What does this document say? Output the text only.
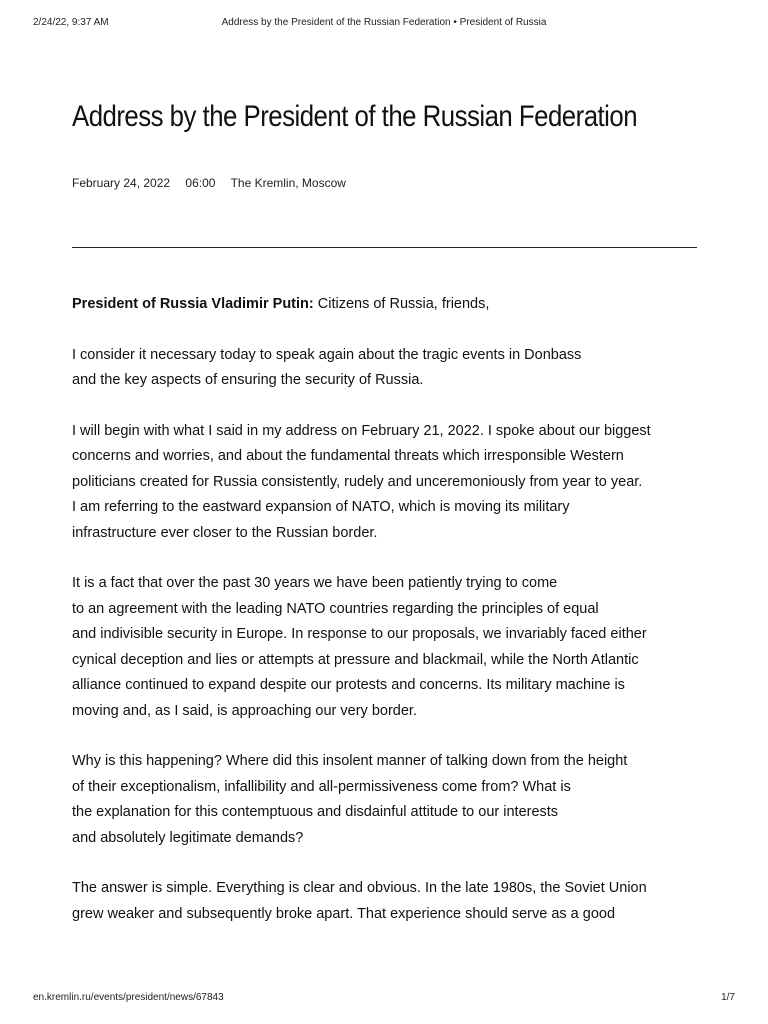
2/24/22, 9:37 AM	Address by the President of the Russian Federation • President of Russia
Address by the President of the Russian Federation
February 24, 2022 06:00 The Kremlin, Moscow

President of Russia Vladimir Putin: Citizens of Russia, friends,

I consider it necessary today to speak again about the tragic events in Donbass
and the key aspects of ensuring the security of Russia.

I will begin with what I said in my address on February 21, 2022. I spoke about our biggest
concerns and worries, and about the fundamental threats which irresponsible Western
politicians created for Russia consistently, rudely and unceremoniously from year to year.
I am referring to the eastward expansion of NATO, which is moving its military
infrastructure ever closer to the Russian border.

It is a fact that over the past 30 years we have been patiently trying to come
to an agreement with the leading NATO countries regarding the principles of equal
and indivisible security in Europe. In response to our proposals, we invariably faced either
cynical deception and lies or attempts at pressure and blackmail, while the North Atlantic
alliance continued to expand despite our protests and concerns. Its military machine is
moving and, as I said, is approaching our very border.

Why is this happening? Where did this insolent manner of talking down from the height
of their exceptionalism, infallibility and all-permissiveness come from? What is
the explanation for this contemptuous and disdainful attitude to our interests
and absolutely legitimate demands?

The answer is simple. Everything is clear and obvious. In the late 1980s, the Soviet Union
grew weaker and subsequently broke apart. That experience should serve as a good

en.kremlin.ru/events/president/news/67843	1/7
